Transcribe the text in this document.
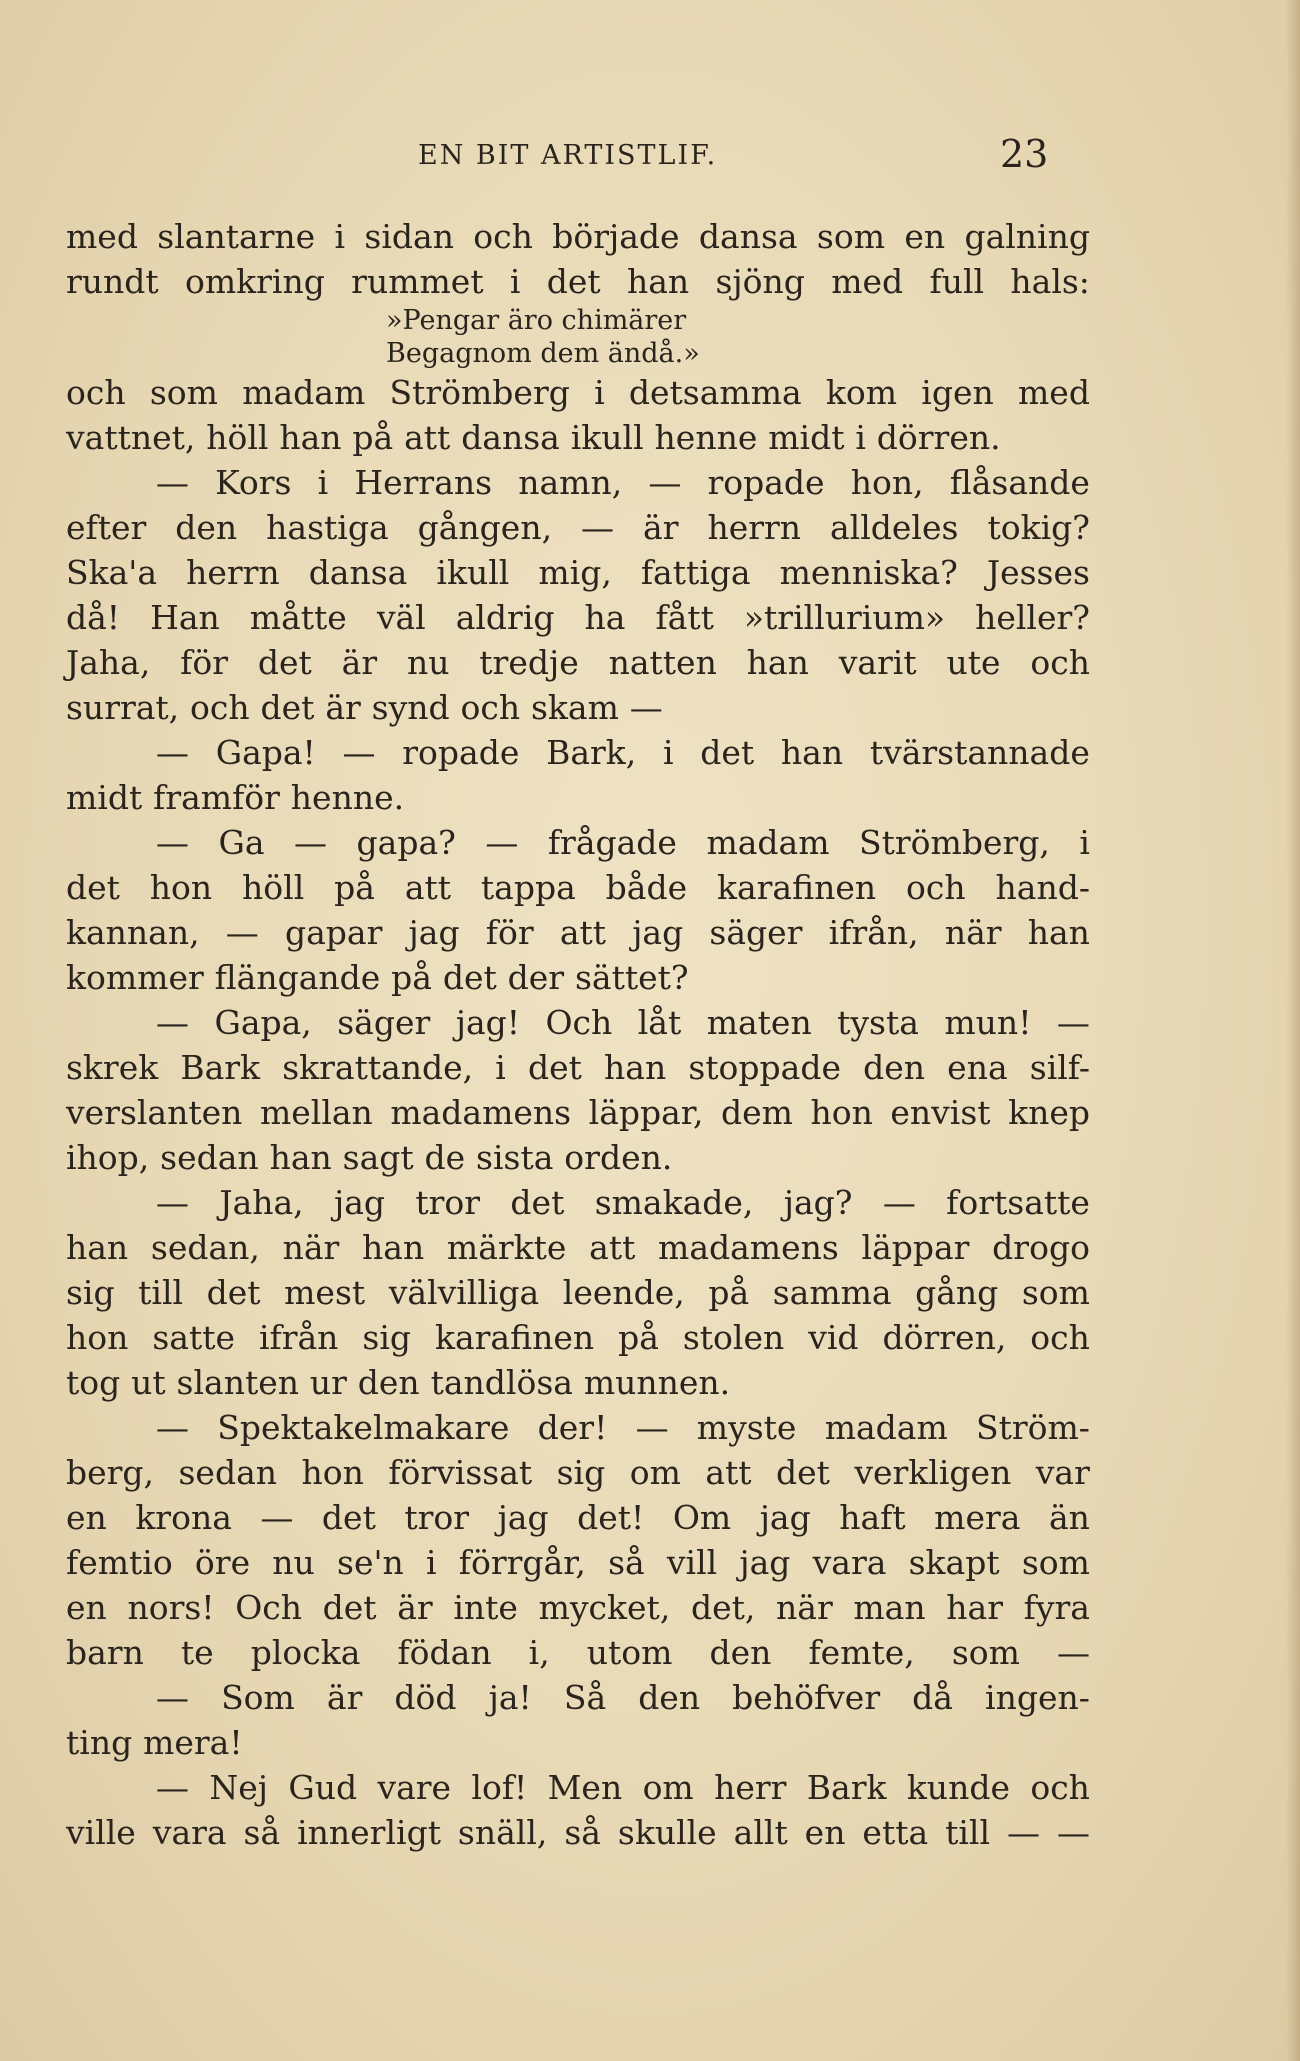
EN BIT ARTISTLIF.	23
med slantarne i sidan och började dansa som en galning
rundt omkring rummet i det han sjöng med full hals:
»Pengar äro chimärer
Begagnom dem ändå.»
och som madam Strömberg i detsamma kom igen med
vattnet, höll han på att dansa ikull henne midt i dörren.
— Kors i Herrans namn, — ropade hon, flåsande
efter den hastiga gången, — är herrn alldeles tokig?
Ska'a herrn dansa ikull mig, fattiga menniska? Jesses
då! Han måtte väl aldrig ha fått »trillurium» heller?
Jaha, för det är nu tredje natten han varit ute och
surrat, och det är synd och skam —
— Gapa! — ropade Bark, i det han tvärstannade
midt framför henne.
— Ga — gapa? — frågade madam Strömberg, i
det hon höll på att tappa både karafinen och hand-
kannan, — gapar jag för att jag säger ifrån, när han
kommer flängande på det der sättet?
— Gapa, säger jag! Och låt maten tysta mun! —
skrek Bark skrattande, i det han stoppade den ena silf-
verslanten mellan madamens läppar, dem hon envist knep
ihop, sedan han sagt de sista orden.
— Jaha, jag tror det smakade, jag? — fortsatte
han sedan, när han märkte att madamens läppar drogo
sig till det mest välvilliga leende, på samma gång som
hon satte ifrån sig karafinen på stolen vid dörren, och
tog ut slanten ur den tandlösa munnen.
— Spektakelmakare der! — myste madam Ström-
berg, sedan hon förvissat sig om att det verkligen var
en krona — det tror jag det! Om jag haft mera än
femtio öre nu se'n i förrgår, så vill jag vara skapt som
en nors! Och det är inte mycket, det, när man har fyra
barn te plocka födan i, utom den femte, som —
— Som är död ja! Så den behöfver då ingen-
ting mera!
— Nej Gud vare lof! Men om herr Bark kunde och
ville vara så innerligt snäll, så skulle allt en etta till — —
